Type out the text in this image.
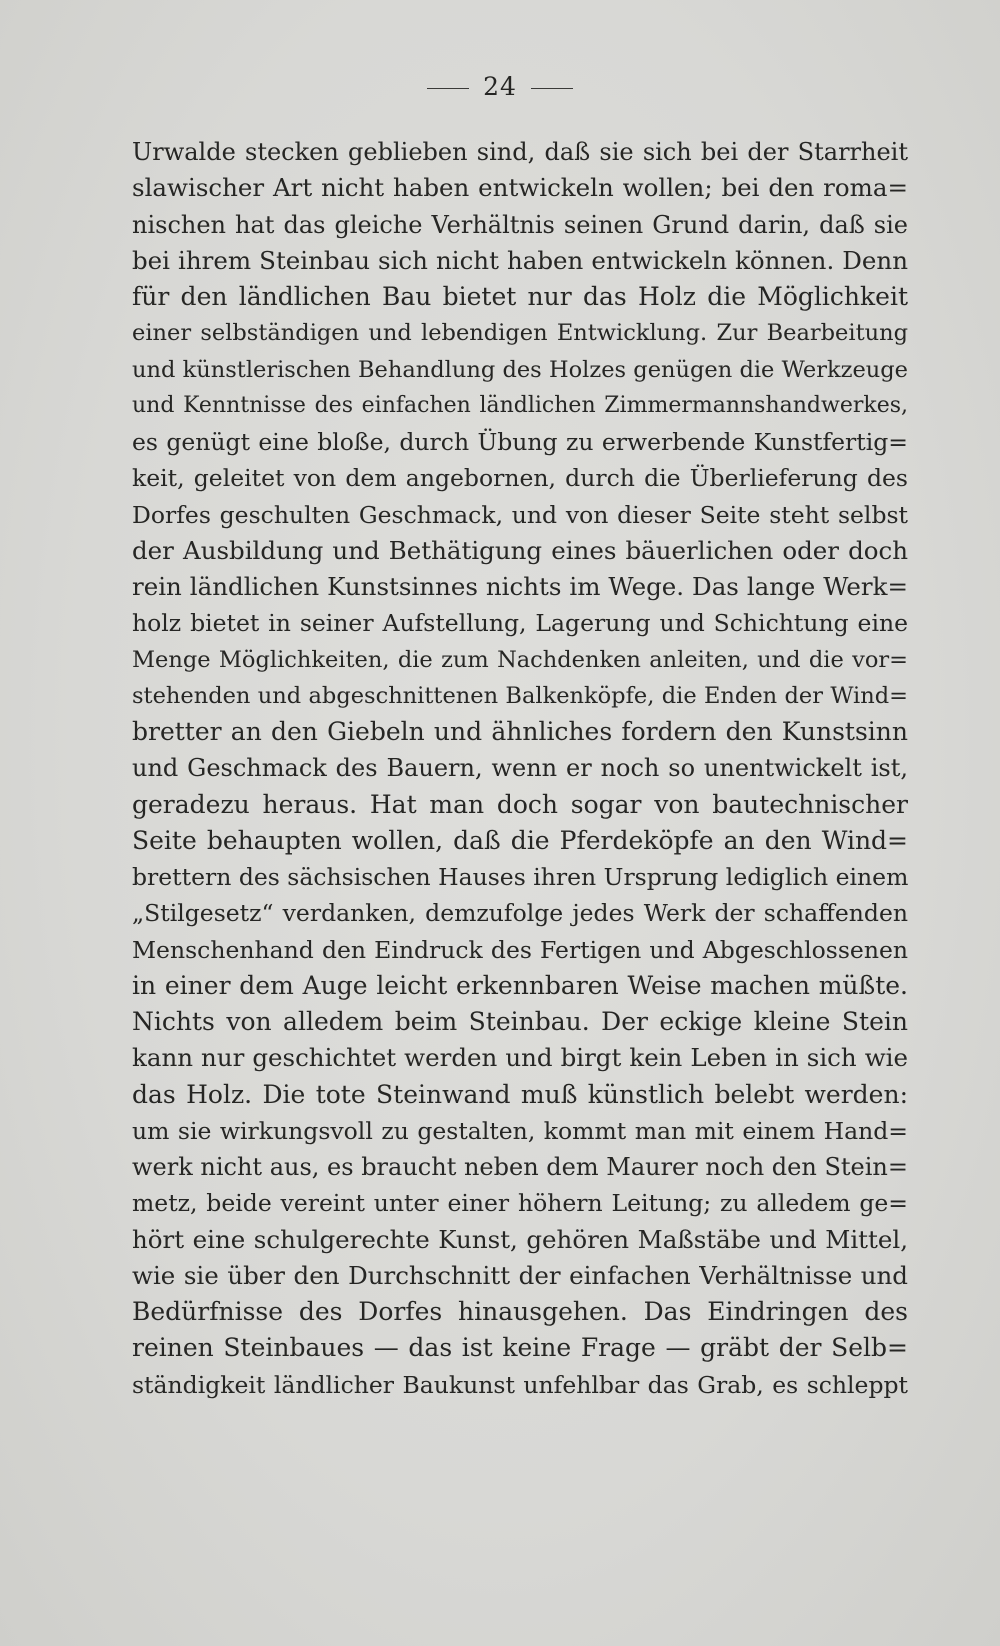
24
Urwalde stecken geblieben sind, daß sie sich bei der Starrheit
slawischer Art nicht haben entwickeln wollen; bei den roma=
nischen hat das gleiche Verhältnis seinen Grund darin, daß sie
bei ihrem Steinbau sich nicht haben entwickeln können. Denn
für den ländlichen Bau bietet nur das Holz die Möglichkeit
einer selbständigen und lebendigen Entwicklung. Zur Bearbeitung
und künstlerischen Behandlung des Holzes genügen die Werkzeuge
und Kenntnisse des einfachen ländlichen Zimmermannshandwerkes,
es genügt eine bloße, durch Übung zu erwerbende Kunstfertig=
keit, geleitet von dem angebornen, durch die Überlieferung des
Dorfes geschulten Geschmack, und von dieser Seite steht selbst
der Ausbildung und Bethätigung eines bäuerlichen oder doch
rein ländlichen Kunstsinnes nichts im Wege. Das lange Werk=
holz bietet in seiner Aufstellung, Lagerung und Schichtung eine
Menge Möglichkeiten, die zum Nachdenken anleiten, und die vor=
stehenden und abgeschnittenen Balkenköpfe, die Enden der Wind=
bretter an den Giebeln und ähnliches fordern den Kunstsinn
und Geschmack des Bauern, wenn er noch so unentwickelt ist,
geradezu heraus. Hat man doch sogar von bautechnischer
Seite behaupten wollen, daß die Pferdeköpfe an den Wind=
brettern des sächsischen Hauses ihren Ursprung lediglich einem
„Stilgesetz“ verdanken, demzufolge jedes Werk der schaffenden
Menschenhand den Eindruck des Fertigen und Abgeschlossenen
in einer dem Auge leicht erkennbaren Weise machen müßte.
Nichts von alledem beim Steinbau. Der eckige kleine Stein
kann nur geschichtet werden und birgt kein Leben in sich wie
das Holz. Die tote Steinwand muß künstlich belebt werden:
um sie wirkungsvoll zu gestalten, kommt man mit einem Hand=
werk nicht aus, es braucht neben dem Maurer noch den Stein=
metz, beide vereint unter einer höhern Leitung; zu alledem ge=
hört eine schulgerechte Kunst, gehören Maßstäbe und Mittel,
wie sie über den Durchschnitt der einfachen Verhältnisse und
Bedürfnisse des Dorfes hinausgehen. Das Eindringen des
reinen Steinbaues — das ist keine Frage — gräbt der Selb=
ständigkeit ländlicher Baukunst unfehlbar das Grab, es schleppt
